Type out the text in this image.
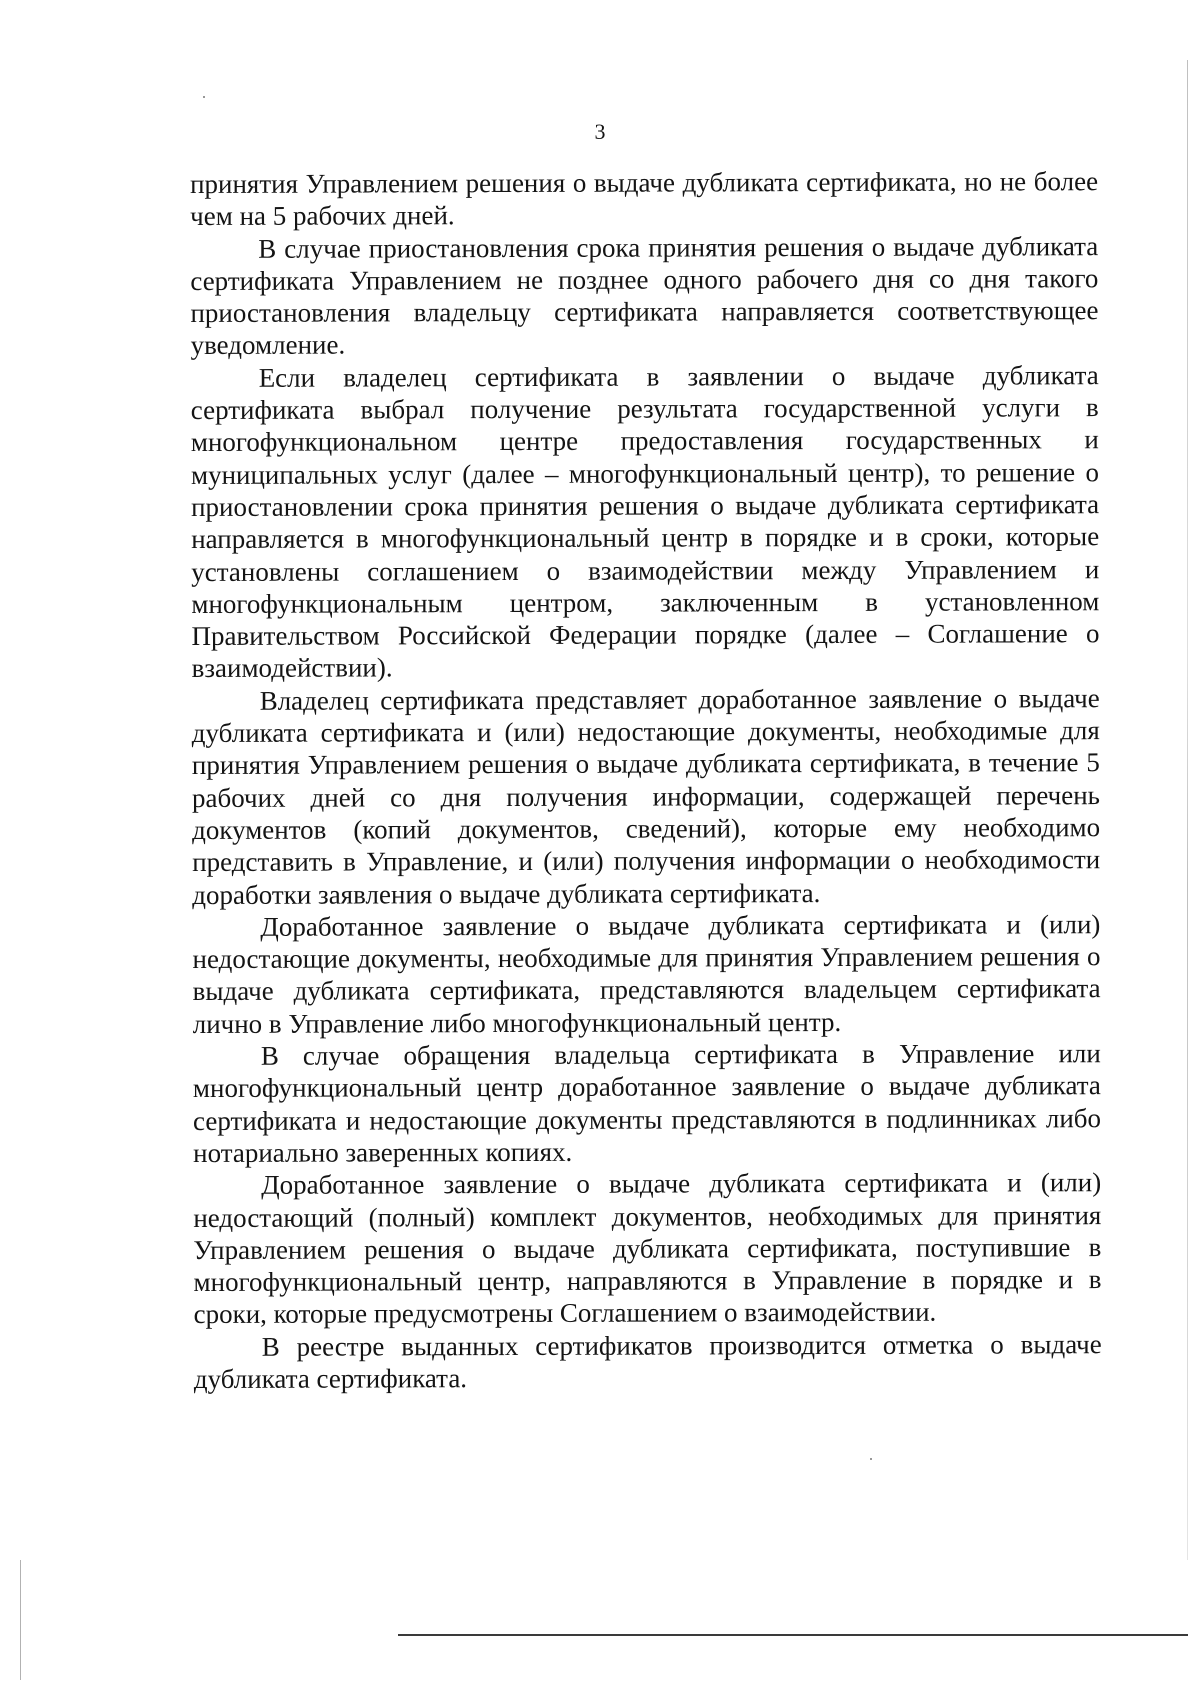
3

принятия Управлением решения о выдаче дубликата сертификата, но не более чем на 5 рабочих дней.

В случае приостановления срока принятия решения о выдаче дубликата сертификата Управлением не позднее одного рабочего дня со дня такого приостановления владельцу сертификата направляется соответствующее уведомление.

Если владелец сертификата в заявлении о выдаче дубликата сертификата выбрал получение результата государственной услуги в многофункциональном центре предоставления государственных и муниципальных услуг (далее – многофункциональный центр), то решение о приостановлении срока принятия решения о выдаче дубликата сертификата направляется в многофункциональный центр в порядке и в сроки, которые установлены соглашением о взаимодействии между Управлением и многофункциональным центром, заключенным в установленном Правительством Российской Федерации порядке (далее – Соглашение о взаимодействии).

Владелец сертификата представляет доработанное заявление о выдаче дубликата сертификата и (или) недостающие документы, необходимые для принятия Управлением решения о выдаче дубликата сертификата, в течение 5 рабочих дней со дня получения информации, содержащей перечень документов (копий документов, сведений), которые ему необходимо представить в Управление, и (или) получения информации о необходимости доработки заявления о выдаче дубликата сертификата.

Доработанное заявление о выдаче дубликата сертификата и (или) недостающие документы, необходимые для принятия Управлением решения о выдаче дубликата сертификата, представляются владельцем сертификата лично в Управление либо многофункциональный центр.

В случае обращения владельца сертификата в Управление или многофункциональный центр доработанное заявление о выдаче дубликата сертификата и недостающие документы представляются в подлинниках либо нотариально заверенных копиях.

Доработанное заявление о выдаче дубликата сертификата и (или) недостающий (полный) комплект документов, необходимых для принятия Управлением решения о выдаче дубликата сертификата, поступившие в многофункциональный центр, направляются в Управление в порядке и в сроки, которые предусмотрены Соглашением о взаимодействии.

В реестре выданных сертификатов производится отметка о выдаче дубликата сертификата.
